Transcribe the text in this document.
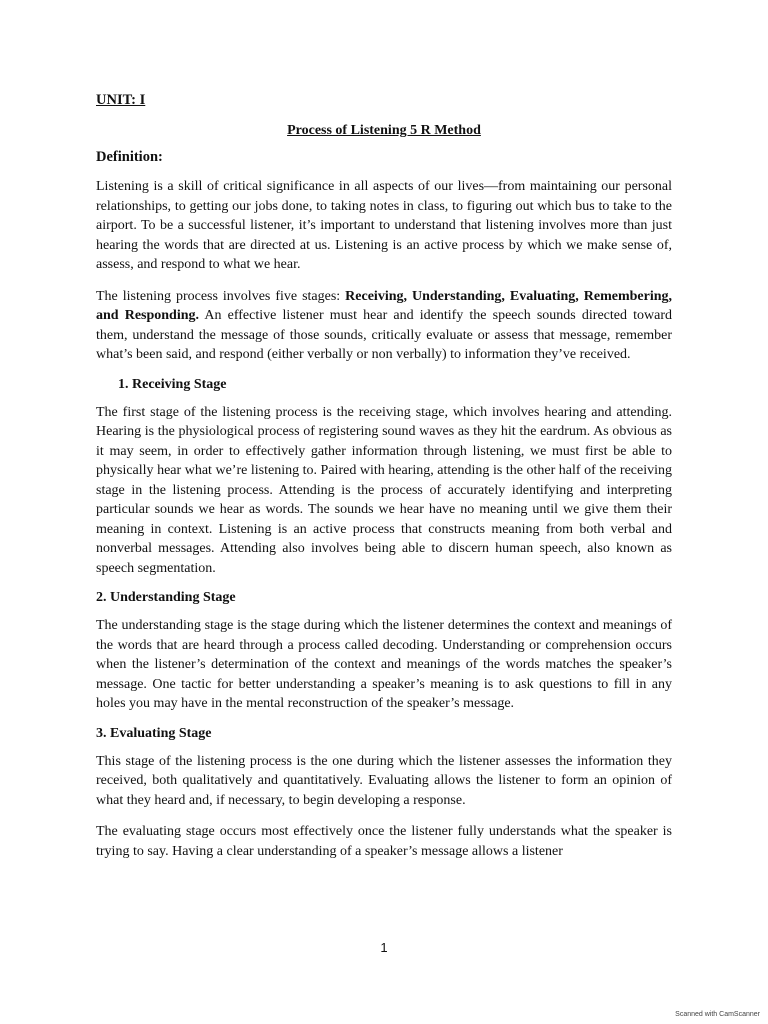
UNIT: I
Process of Listening 5 R Method
Definition:

Listening is a skill of critical significance in all aspects of our lives—from maintaining our personal relationships, to getting our jobs done, to taking notes in class, to figuring out which bus to take to the airport. To be a successful listener, it’s important to understand that listening involves more than just hearing the words that are directed at us. Listening is an active process by which we make sense of, assess, and respond to what we hear.

The listening process involves five stages: Receiving, Understanding, Evaluating, Remembering, and Responding. An effective listener must hear and identify the speech sounds directed toward them, understand the message of those sounds, critically evaluate or assess that message, remember what’s been said, and respond (either verbally or non verbally) to information they’ve received.

1. Receiving Stage

The first stage of the listening process is the receiving stage, which involves hearing and attending. Hearing is the physiological process of registering sound waves as they hit the eardrum. As obvious as it may seem, in order to effectively gather information through listening, we must first be able to physically hear what we’re listening to. Paired with hearing, attending is the other half of the receiving stage in the listening process. Attending is the process of accurately identifying and interpreting particular sounds we hear as words. The sounds we hear have no meaning until we give them their meaning in context. Listening is an active process that constructs meaning from both verbal and nonverbal messages. Attending also involves being able to discern human speech, also known as speech segmentation.

2. Understanding Stage

The understanding stage is the stage during which the listener determines the context and meanings of the words that are heard through a process called decoding. Understanding or comprehension occurs when the listener’s determination of the context and meanings of the words matches the speaker’s message. One tactic for better understanding a speaker’s meaning is to ask questions to fill in any holes you may have in the mental reconstruction of the speaker’s message.

3. Evaluating Stage

This stage of the listening process is the one during which the listener assesses the information they received, both qualitatively and quantitatively. Evaluating allows the listener to form an opinion of what they heard and, if necessary, to begin developing a response.

The evaluating stage occurs most effectively once the listener fully understands what the speaker is trying to say. Having a clear understanding of a speaker’s message allows a listener

1
Scanned with CamScanner
